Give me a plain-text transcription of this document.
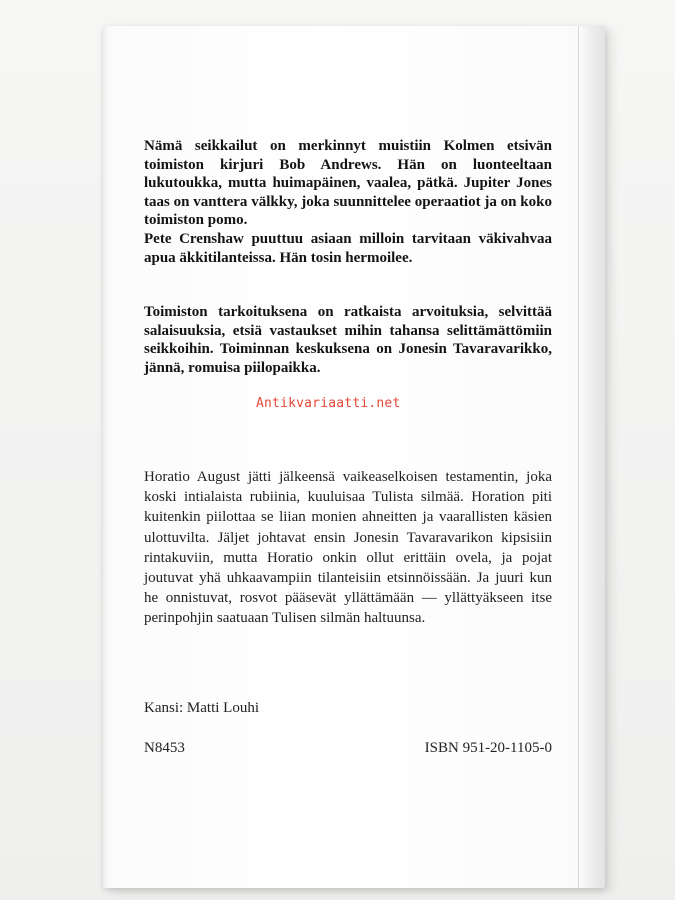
Nämä seikkailut on merkinnyt muistiin Kolmen etsivän toimiston kirjuri Bob Andrews. Hän on luonteeltaan lukutoukka, mutta huimapäinen, vaalea, pätkä. Jupiter Jones taas on vanttera välkky, joka suunnittelee operaatiot ja on koko toimiston pomo.
Pete Crenshaw puuttuu asiaan milloin tarvitaan väkivahvaa apua äkkitilanteissa. Hän tosin hermoilee.

Toimiston tarkoituksena on ratkaista arvoituksia, selvittää salaisuuksia, etsiä vastaukset mihin tahansa selittämättömiin seikkoihin. Toiminnan keskuksena on Jonesin Tavaravarikko, jännä, romuisa piilopaikka.

Antikvariaatti.net

Horatio August jätti jälkeensä vaikeaselkoisen testamentin, joka koski intialaista rubiinia, kuuluisaa Tulista silmää. Horation piti kuitenkin piilottaa se liian monien ahneitten ja vaarallisten käsien ulottuvilta. Jäljet johtavat ensin Jonesin Tavaravarikon kipsisiin rintakuviin, mutta Horatio onkin ollut erittäin ovela, ja pojat joutuvat yhä uhkaavampiin tilanteisiin etsinnöissään. Ja juuri kun he onnistuvat, rosvot pääsevät yllättämään — yllättyäkseen itse perinpohjin saatuaan Tulisen silmän haltuunsa.

Kansi: Matti Louhi

N8453	ISBN 951-20-1105-0
